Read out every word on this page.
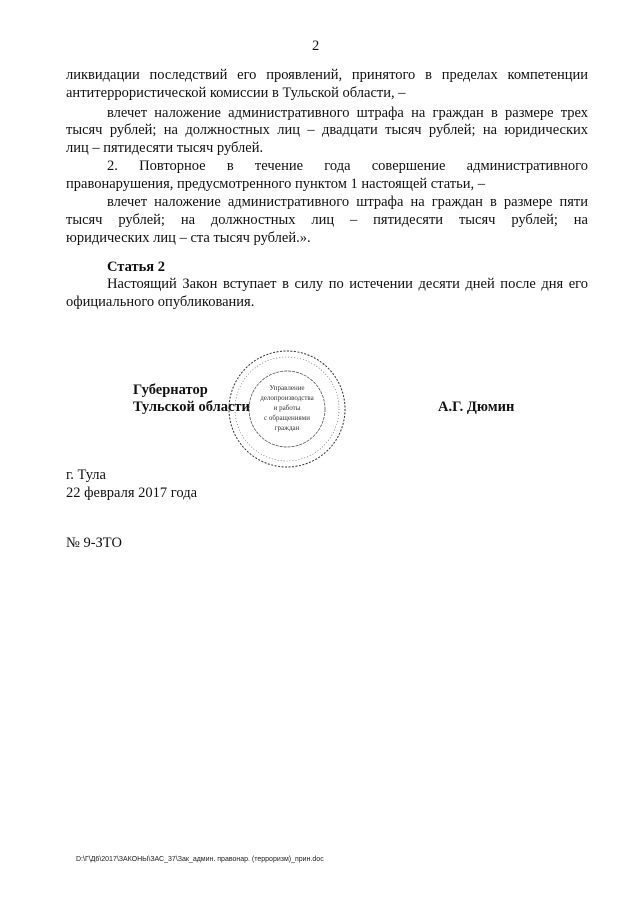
2
ликвидации последствий его проявлений, принятого в пределах компетенции
антитеррористической комиссии в Тульской области, –
влечет наложение административного штрафа на граждан в размере трех
тысяч рублей; на должностных лиц – двадцати тысяч рублей; на юридических
лиц – пятидесяти тысяч рублей.
2. Повторное в течение года совершение административного
правонарушения, предусмотренного пунктом 1 настоящей статьи, –
влечет наложение административного штрафа на граждан в размере пяти
тысяч рублей; на должностных лиц – пятидесяти тысяч рублей; на
юридических лиц – ста тысяч рублей.».
Статья 2
Настоящий Закон вступает в силу по истечении десяти дней после дня его
официального опубликования.
Управление
делопроизводства
и работы
с обращениями
граждан
Губернатор
Тульской области	А.Г. Дюмин
г. Тула
22 февраля 2017 года
№ 9-ЗТО
D:\Г\Д6\2017\ЗАКОНЫ\ЗАС_37\Зак_админ. правонар. (терроризм)_прин.doc
